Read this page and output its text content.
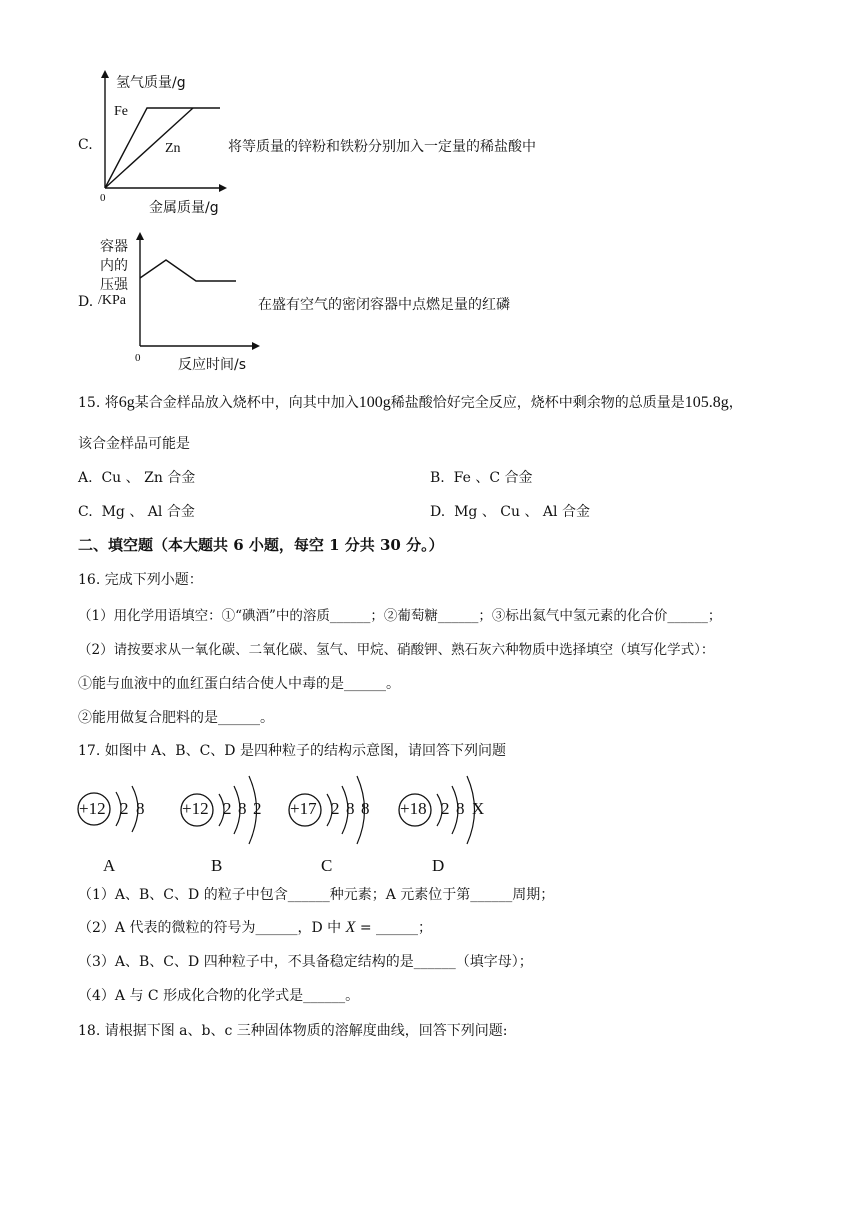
C.
氢气质量/g
Fe
Zn
0
金属质量/g
将等质量的锌粉和铁粉分别加入一定量的稀盐酸中
D.
容器
内的
压强
/KPa
0	反应时间/s
在盛有空气的密闭容器中点燃足量的红磷
15. 将6g某合金样品放入烧杯中，向其中加入100g稀盐酸恰好完全反应，烧杯中剩余物的总质量是105.8g，
该合金样品可能是
A. Cu 、 Zn 合金	B. Fe 、C 合金
C. Mg 、 Al 合金	D. Mg 、 Cu 、 Al 合金
二、填空题（本大题共 6 小题，每空 1 分共 30 分。）
16. 完成下列小题：
（1）用化学用语填空：①“碘酒”中的溶质______；②葡萄糖______；③标出氦气中氢元素的化合价______；
（2）请按要求从一氧化碳、二氧化碳、氢气、甲烷、硝酸钾、熟石灰六种物质中选择填空（填写化学式）：
①能与血液中的血红蛋白结合使人中毒的是______。
②能用做复合肥料的是______。
17. 如图中 A、B、C、D 是四种粒子的结构示意图，请回答下列问题
+12 2 8
A
+12 2 8 2
B
+17 2 8 8
C
+18 2 8 X
D
（1）A、B、C、D 的粒子中包含______种元素；A 元素位于第______周期；
（2）A 代表的微粒的符号为______，D 中 X = ______；
（3）A、B、C、D 四种粒子中，不具备稳定结构的是______（填字母）；
（4）A 与 C 形成化合物的化学式是______。
18. 请根据下图 a、b、c 三种固体物质的溶解度曲线，回答下列问题:
